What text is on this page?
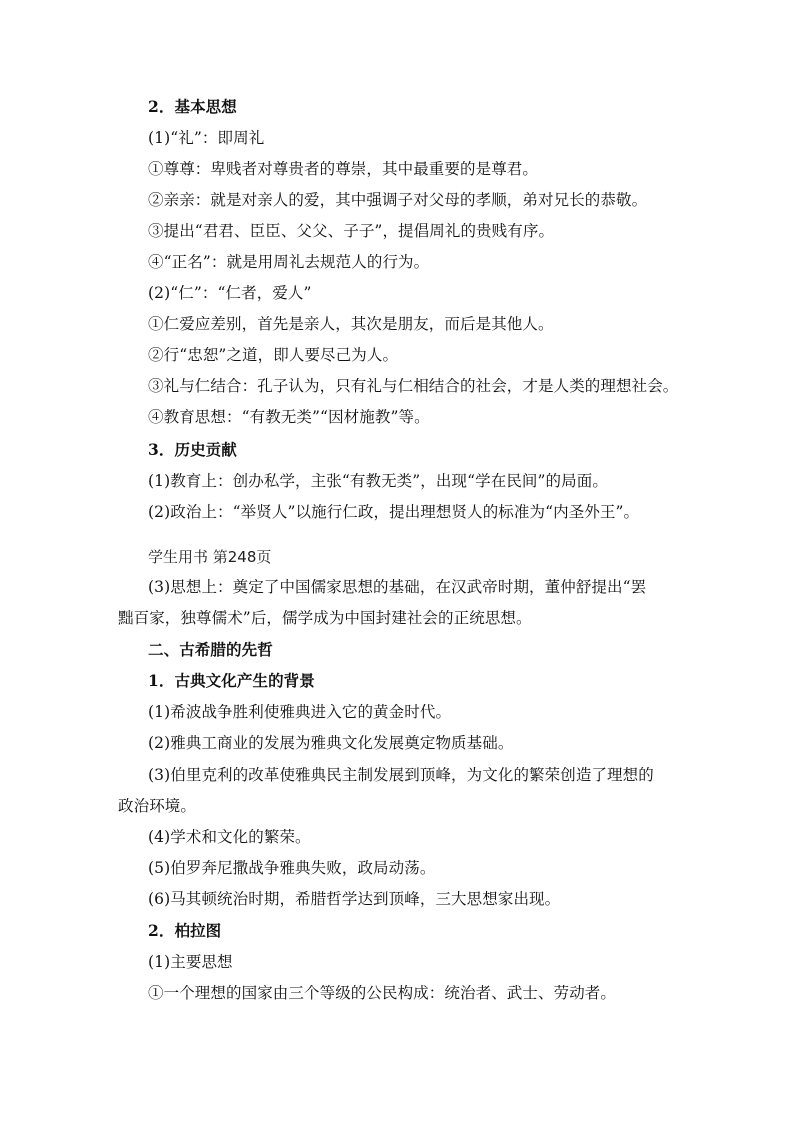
2．基本思想
(1)“礼”：即周礼
①尊尊：卑贱者对尊贵者的尊崇，其中最重要的是尊君。
②亲亲：就是对亲人的爱，其中强调子对父母的孝顺，弟对兄长的恭敬。
③提出“君君、臣臣、父父、子子”，提倡周礼的贵贱有序。
④“正名”：就是用周礼去规范人的行为。
(2)“仁”：“仁者，爱人”
①仁爱应差别，首先是亲人，其次是朋友，而后是其他人。
②行“忠恕”之道，即人要尽己为人。
③礼与仁结合：孔子认为，只有礼与仁相结合的社会，才是人类的理想社会。
④教育思想：“有教无类”“因材施教”等。
3．历史贡献
(1)教育上：创办私学，主张“有教无类”，出现“学在民间”的局面。
(2)政治上：“举贤人”以施行仁政，提出理想贤人的标准为“内圣外王”。
学生用书 第248页
(3)思想上：奠定了中国儒家思想的基础，在汉武帝时期，董仲舒提出“罢
黜百家，独尊儒术”后，儒学成为中国封建社会的正统思想。
二、古希腊的先哲
1．古典文化产生的背景
(1)希波战争胜利使雅典进入它的黄金时代。
(2)雅典工商业的发展为雅典文化发展奠定物质基础。
(3)伯里克利的改革使雅典民主制发展到顶峰，为文化的繁荣创造了理想的
政治环境。
(4)学术和文化的繁荣。
(5)伯罗奔尼撒战争雅典失败，政局动荡。
(6)马其顿统治时期，希腊哲学达到顶峰，三大思想家出现。
2．柏拉图
(1)主要思想
①一个理想的国家由三个等级的公民构成：统治者、武士、劳动者。
